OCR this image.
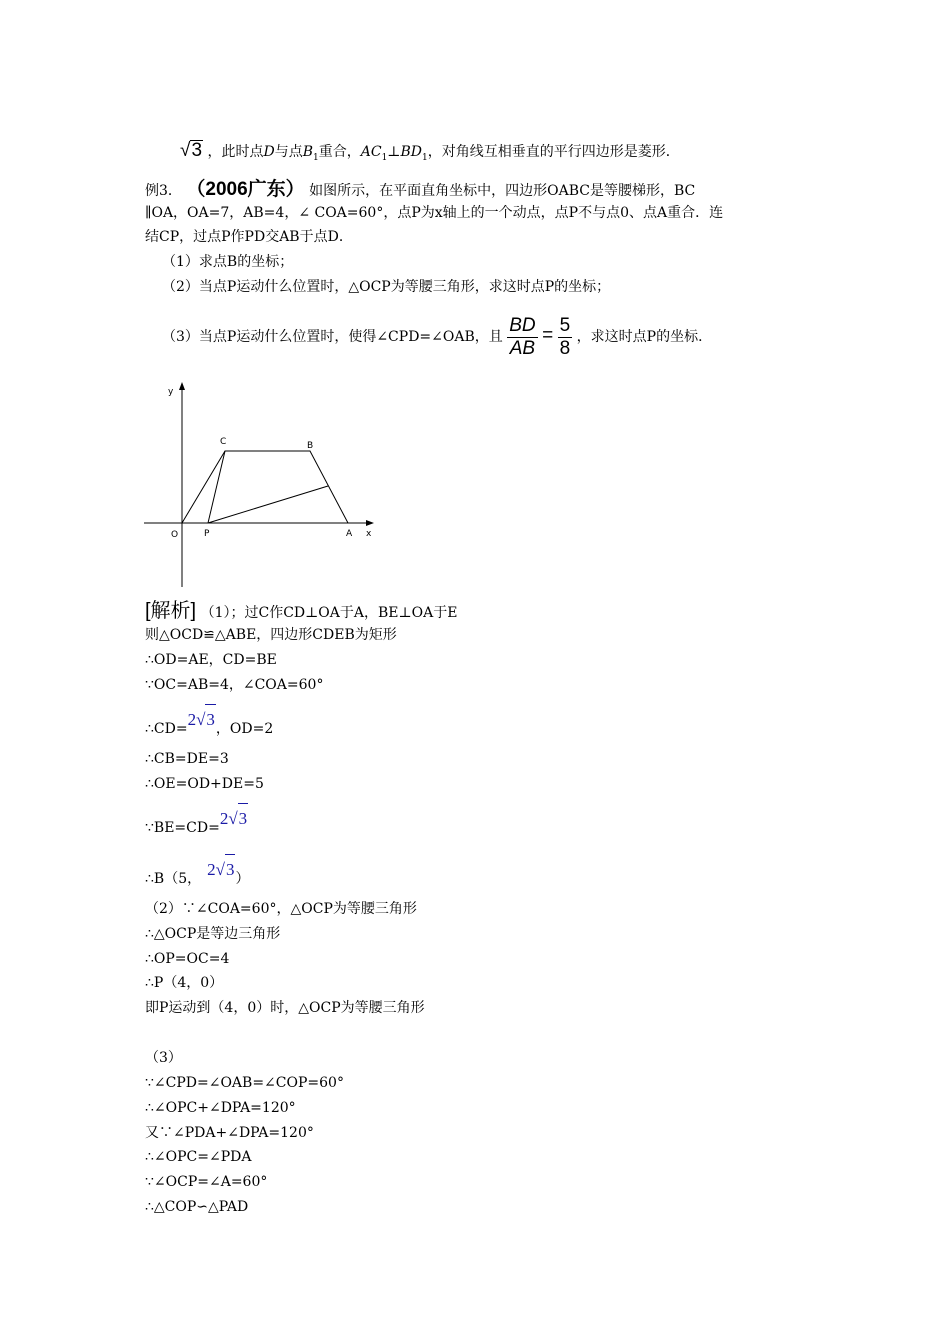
√3 ，此时点D与点$B_1$重合，$AC_1\perp BD_1$，对角线互相垂直的平行四边形是菱形．
例3． （2006广东） 如图所示，在平面直角坐标中，四边形OABC是等腰梯形，BC
∥OA，OA=7，AB=4，∠ COA=60°，点P为x轴上的一个动点，点P不与点0、点A重合．连
结CP，过点P作PD交AB于点D．
（1）求点B的坐标；
（2）当点P运动什么位置时，△OCP为等腰三角形，求这时点P的坐标；
（3）当点P运动什么位置时，使得∠CPD=∠OAB，且 $\frac{BD}{AB} = \frac{5}{8}$ ，求这时点P的坐标．
y
x
O	P	A
B
C
[解析] （1）；过C作CD⊥OA于A，BE⊥OA于E
则△OCD≌△ABE，四边形CDEB为矩形
∴OD=AE，CD=BE
∵OC=AB=4，∠COA=60°
∴CD=2√3，OD=2
∴CB=DE=3
∴OE=OD+DE=5
∵BE=CD=2√3
∴B（5， 2√3）
（2）∵∠COA=60°，△OCP为等腰三角形
∴△OCP是等边三角形
∴OP=OC=4
∴P（4，0）
即P运动到（4，0）时，△OCP为等腰三角形
（3）
∵∠CPD=∠OAB=∠COP=60°
∴∠OPC+∠DPA=120°
又∵∠PDA+∠DPA=120°
∴∠OPC=∠PDA
∵∠OCP=∠A=60°
∴△COP∽△PAD
